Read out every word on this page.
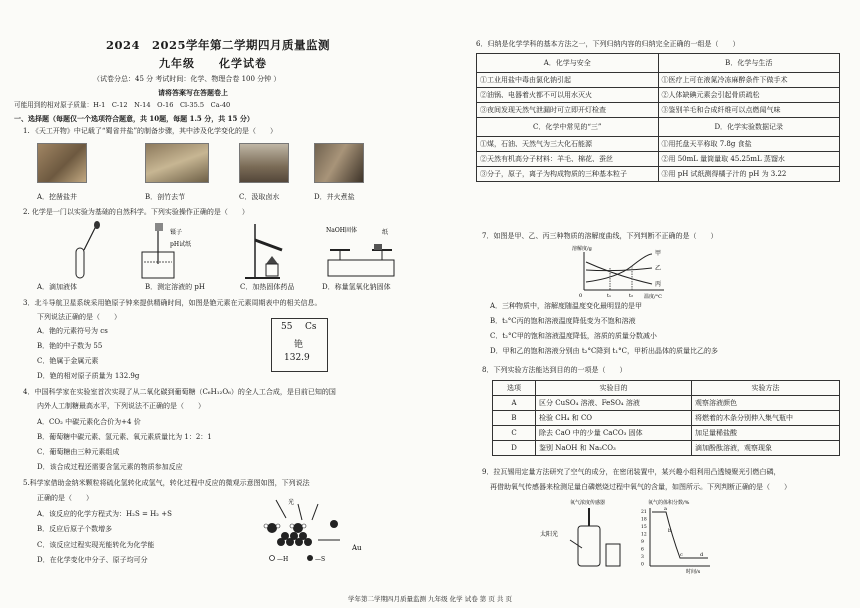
2024　2025学年第二学期四月质量监测
九年级　　化学试卷
（试卷分总：45 分 考试时间：化学、物理合卷 100 分钟 ）
请将答案写在答题卷上
可能用到的相对原子质量：H-1　C-12　N-14　O-16　Cl-35.5　Ca-40
一、选择题（每题仅一个选项符合题意，共 10题，每题 1.5 分，共 15 分）
1. 《天工开物》中记载了“蜀省井盐”的制备步骤，其中涉及化学变化的是（　　）
A．挖凿盐井	B．剖竹去节	C．汲取卤水	D．井火煮盐
2. 化学是一门以实验为基础的自然科学。下列实验操作正确的是（　　）
镊子
pH试纸
NaOH固体	纸
A．滴加液体	B．测定溶液的 pH	C．加热固体药品	D．称量氢氧化钠固体
3．北斗导航卫星系统采用铯原子钟来提供精确时间，如图是铯元素在元素周期表中的相关信息。
下列说法正确的是（　　）
A．铯的元素符号为 cs
B．铯的中子数为 55
C．铯属于金属元素
D．铯的相对原子质量为 132.9g
55 Cs
铯
132.9
4．中国科学家在实验室首次实现了从二氧化碳到葡萄糖（C₆H₁₂O₆）的全人工合成，是目前已知的国
内外人工制糖最高水平，下列说法不正确的是（　　）
A．CO₂ 中碳元素化合价为+4 价
B．葡萄糖中碳元素、氢元素、氧元素质量比为 1：2：1
C．葡萄糖由三种元素组成
D．该合成过程还需要含氢元素的物质参加反应
5.科学家借助金纳米颗粒将硫化氢转化成氢气，转化过程中反应的微观示意图如图，下列说法
正确的是（　　）
A．该反应的化学方程式为：H₂S = H₂ +S
B．反应后原子个数增多
C．该反应过程实现光能转化为化学能
D．在化学变化中分子、原子均可分
光
Au
—H	—S
6．归纳是化学学科的基本方法之一，下列归纳内容的归纳完全正确的一组是（　　）
A．化学与安全	B．化学与生活
①工业用盐中毒由氯化钠引起	①医疗上可在液氮冷冻麻醉条件下做手术
②油锅、电器着火都不可以用水灭火	②人体缺碘元素会引起骨质疏松
③夜间发现天然气泄漏时可立即开灯检查	③鉴别羊毛和合成纤维可以点燃闻气味
C．化学中常见的“三”	D．化学实验数据记录
①煤，石油、天然气为三大化石能源	①用托盘天平称取 7.8g 食盐
②天然有机高分子材料：羊毛、棉花、蚕丝	②用 50mL 量筒量取 45.25mL 蒸馏水
③分子，原子，离子为构成物质的三种基本粒子	③用 pH 试纸测得橘子汁的 pH 为 3.22
7．如图是甲、乙、丙三种物质的溶解度曲线，下列判断不正确的是（　　）
溶解度/g
甲
乙
丙
0	t₁	t₂ 温度/°C
A．三种物质中，溶解度随温度变化最明显的是甲
B．t₂°C丙的饱和溶液温度降低变为不饱和溶液
C．t₂°C甲的饱和溶液温度降低，溶质的质量分数减小
D．甲和乙的饱和溶液分别由 t₂°C降到 t₁°C，甲析出晶体的质量比乙的多
8．下列实验方法能达到目的的一项是（　　）
选项	实验目的	实验方法
A	区分 CuSO₄ 溶液、FeSO₄ 溶液	观察溶液颜色
B	检验 CH₄ 和 CO	将燃着的木条分别伸入集气瓶中
C	除去 CaO 中的少量 CaCO₃ 固体	加足量稀盐酸
D	鉴别 NaOH 和 Na₂CO₃	滴加酚酞溶液，观察现象
9．拉瓦锡用定量方法研究了空气的成分，在密闭装置中，某兴趣小组利用凸透镜聚光引燃白磷，
再借助氧气传感器来检测足量白磷燃烧过程中氧气的含量，如图所示。下列判断正确的是（　　）
氧气浓度传感器
太阳光
氧气的体积分数/%
21
18
15
12
9
6
3
0
a
b
c	d
时间/s
学年第二学期四月质量监测 九年级 化学 试卷 第 页 共 页
